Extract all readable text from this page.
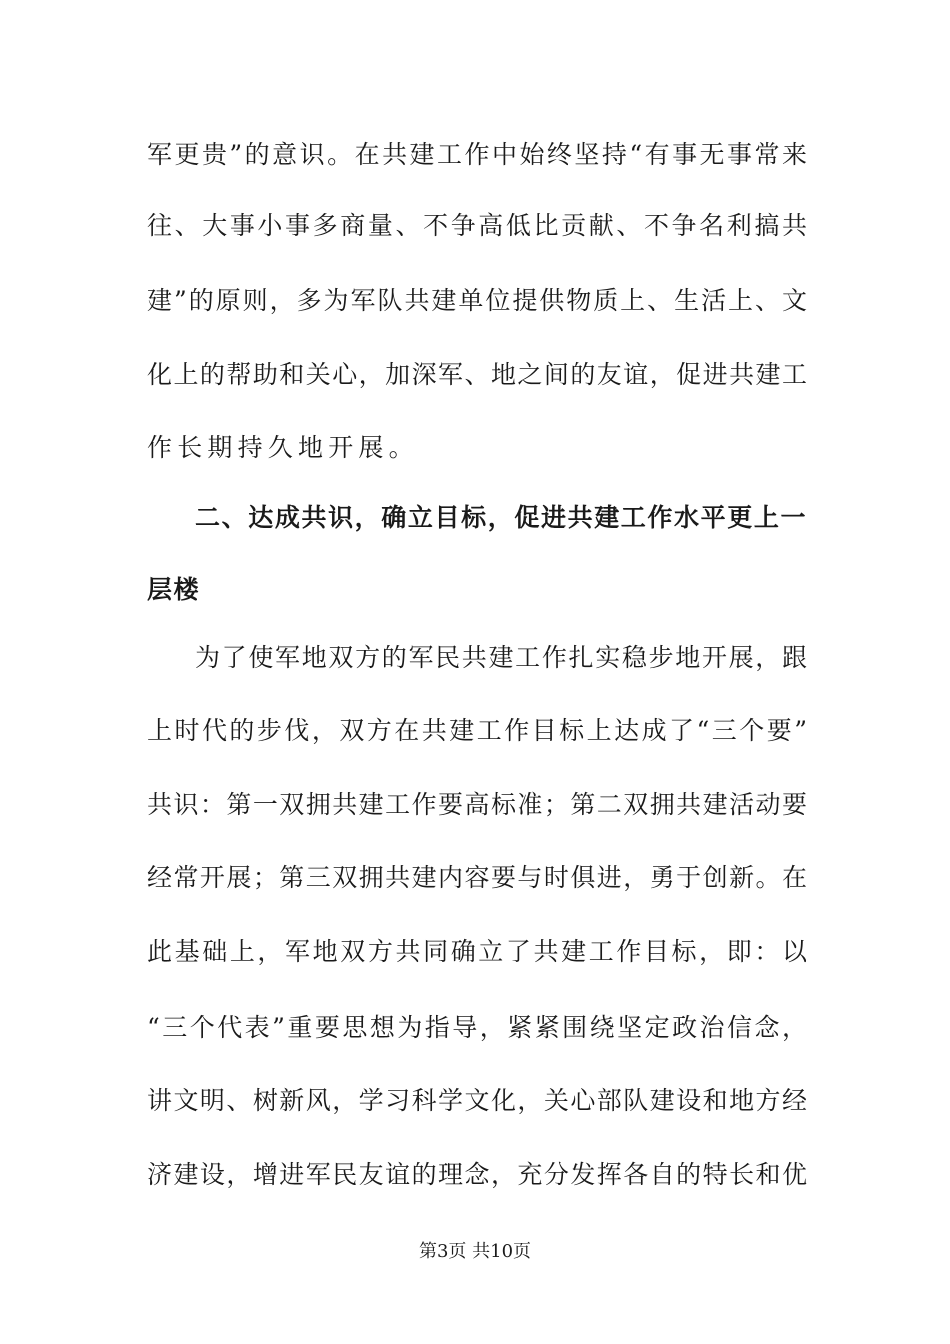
军更贵”的意识。在共建工作中始终坚持“有事无事常来
往、大事小事多商量、不争高低比贡献、不争名利搞共
建”的原则，多为军队共建单位提供物质上、生活上、文
化上的帮助和关心，加深军、地之间的友谊，促进共建工
作长期持久地开展。
二、达成共识，确立目标，促进共建工作水平更上一
层楼
为了使军地双方的军民共建工作扎实稳步地开展，跟
上时代的步伐，双方在共建工作目标上达成了“三个要”
共识：第一双拥共建工作要高标准；第二双拥共建活动要
经常开展；第三双拥共建内容要与时俱进，勇于创新。在
此基础上，军地双方共同确立了共建工作目标，即：以
“三个代表”重要思想为指导，紧紧围绕坚定政治信念，
讲文明、树新风，学习科学文化，关心部队建设和地方经
济建设，增进军民友谊的理念，充分发挥各自的特长和优
第3页 共10页
